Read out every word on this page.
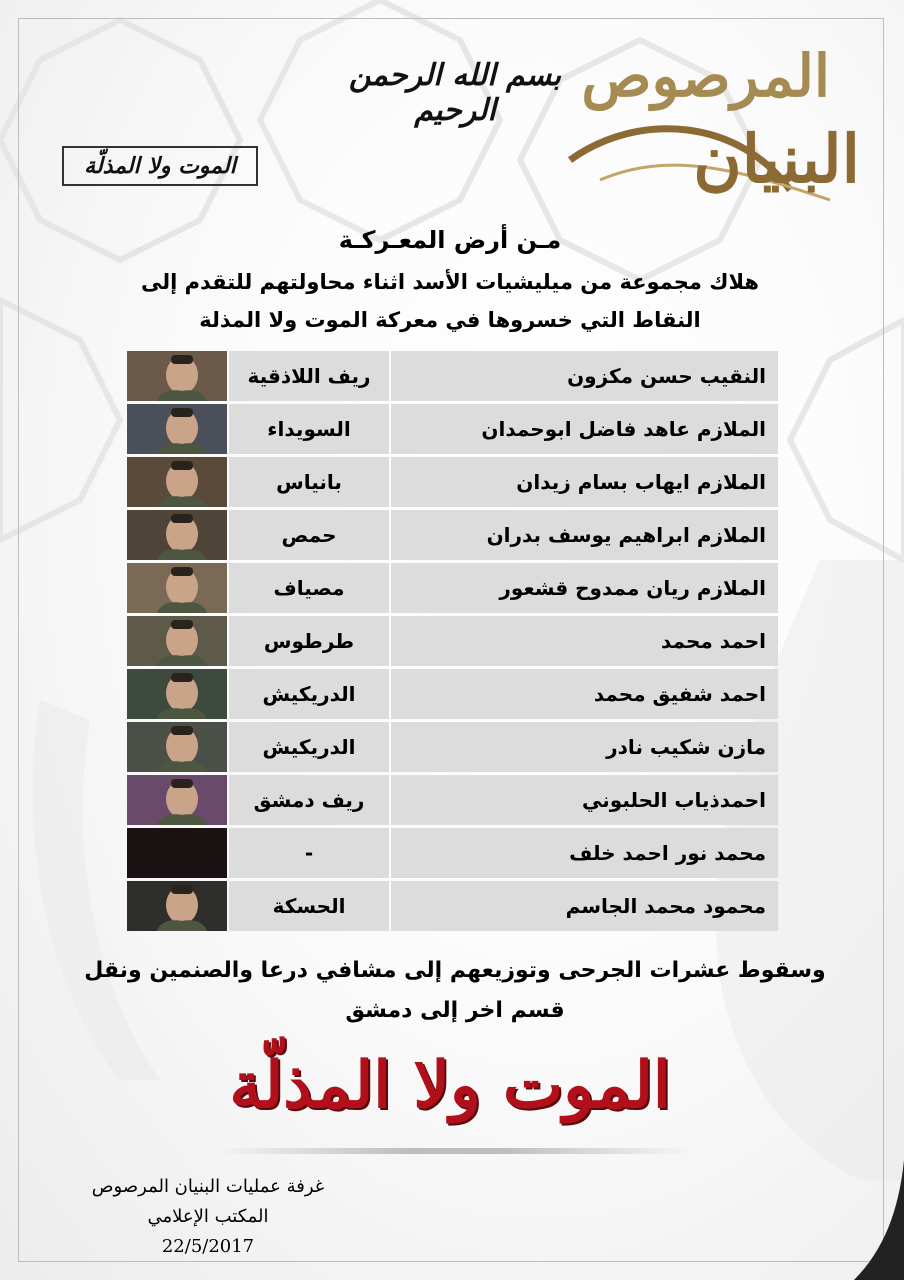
بسم الله الرحمن الرحيم
المرصوص
البنيان
الموت ولا المذلّة
مـن أرض المعـركـة
هلاك مجموعة من ميليشيات الأسد اثناء محاولتهم للتقدم إلى
النقاط التي خسروها في معركة الموت ولا المذلة
النقيب حسن مكزون
ريف اللاذقية
الملازم عاهد فاضل ابوحمدان
السويداء
الملازم ايهاب بسام زيدان
بانياس
الملازم ابراهيم يوسف بدران
حمص
الملازم ريان ممدوح قشعور
مصياف
احمد محمد
طرطوس
احمد شفيق محمد
الدريكيش
مازن شكيب نادر
الدريكيش
احمدذياب الحلبوني
ريف دمشق
محمد نور احمد خلف
-
محمود محمد الجاسم
الحسكة
وسقوط عشرات الجرحى وتوزيعهم إلى مشافي درعا والصنمين ونقل
قسم اخر إلى دمشق
الموت ولا المذلّة
غرفة عمليات البنيان المرصوص
المكتب الإعلامي
22/5/2017
